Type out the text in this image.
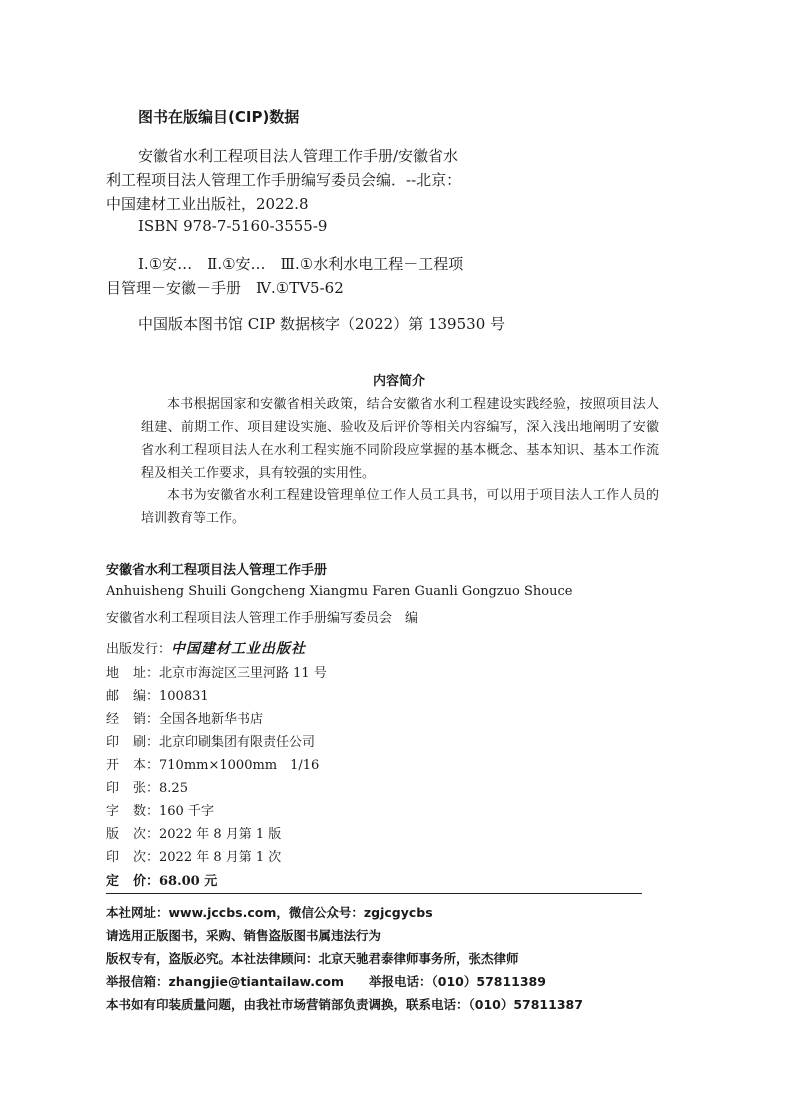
图书在版编目(CIP)数据
安徽省水利工程项目法人管理工作手册/安徽省水
利工程项目法人管理工作手册编写委员会编．--北京：
中国建材工业出版社，2022.8
ISBN 978-7-5160-3555-9
Ⅰ.①安…　Ⅱ.①安…　Ⅲ.①水利水电工程－工程项
目管理－安徽－手册　Ⅳ.①TV5-62
中国版本图书馆 CIP 数据核字（2022）第 139530 号
内容简介
本书根据国家和安徽省相关政策，结合安徽省水利工程建设实践经验，按照项目法人组建、前期工作、项目建设实施、验收及后评价等相关内容编写，深入浅出地阐明了安徽省水利工程项目法人在水利工程实施不同阶段应掌握的基本概念、基本知识、基本工作流程及相关工作要求，具有较强的实用性。
本书为安徽省水利工程建设管理单位工作人员工具书，可以用于项目法人工作人员的培训教育等工作。
安徽省水利工程项目法人管理工作手册
Anhuisheng Shuili Gongcheng Xiangmu Faren Guanli Gongzuo Shouce
安徽省水利工程项目法人管理工作手册编写委员会　编
出版发行：中国建材工业出版社
地址：北京市海淀区三里河路 11 号
邮编：100831
经销：全国各地新华书店
印刷：北京印刷集团有限责任公司
开本：710mm×1000mm　1/16
印张：8.25
字数：160 千字
版次：2022 年 8 月第 1 版
印次：2022 年 8 月第 1 次
定价：68.00 元
本社网址：www.jccbs.com，微信公众号：zgjcgycbs
请选用正版图书，采购、销售盗版图书属违法行为
版权专有，盗版必究。本社法律顾问：北京天驰君泰律师事务所，张杰律师
举报信箱：zhangjie@tiantailaw.com　　举报电话：（010）57811389
本书如有印装质量问题，由我社市场营销部负责调换，联系电话：（010）57811387
